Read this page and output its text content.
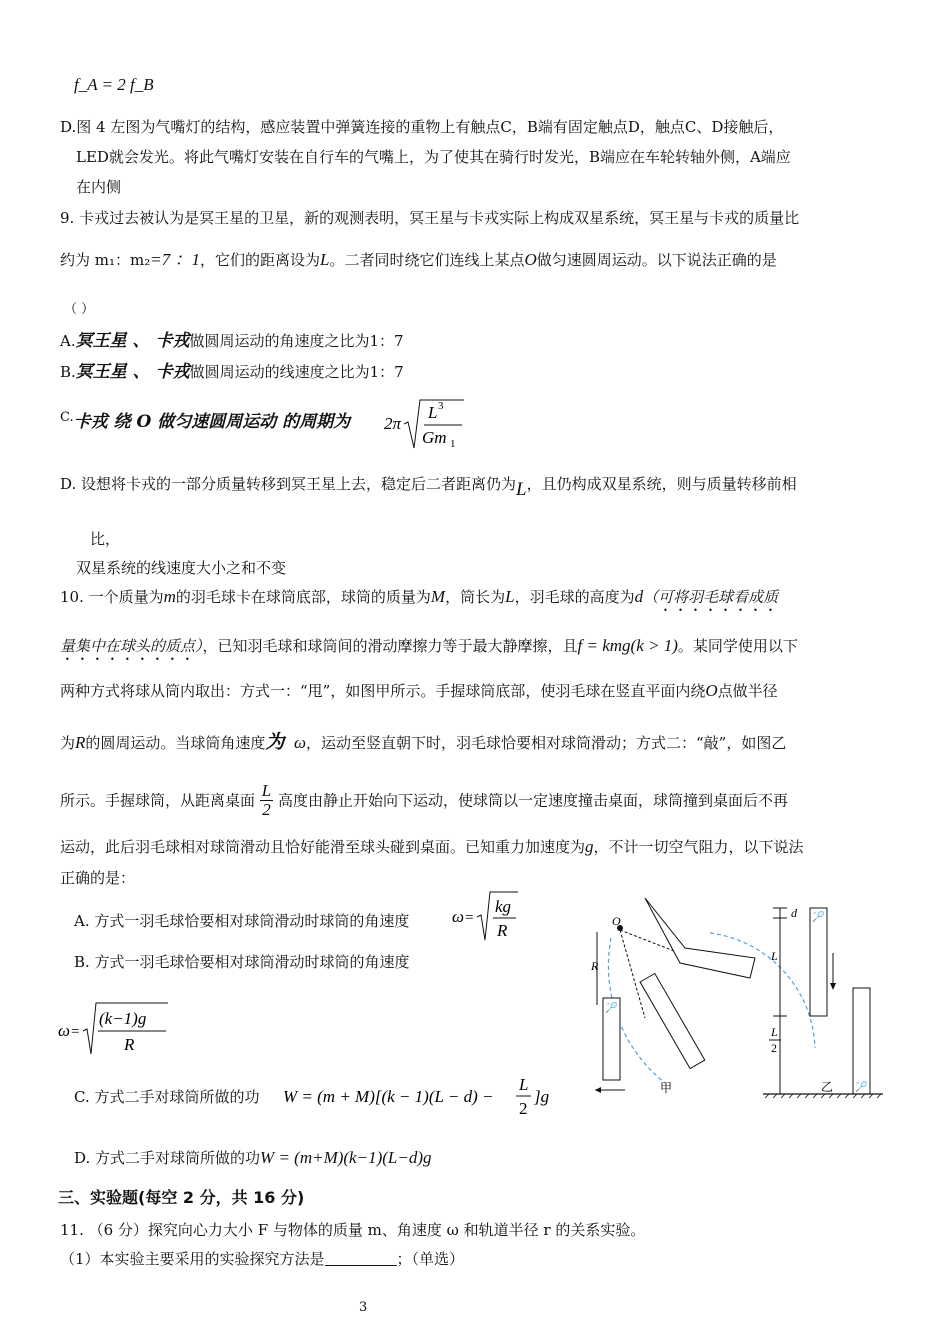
f_A = 2 f_B
D.图 4 左图为气嘴灯的结构，感应装置中弹簧连接的重物上有触点C，B端有固定触点D，触点C、D接触后，
LED就会发光。将此气嘴灯安装在自行车的气嘴上，为了使其在骑行时发光，B端应在车轮转轴外侧，A端应
在内侧
9. 卡戎过去被认为是冥王星的卫星，新的观测表明，冥王星与卡戎实际上构成双星系统，冥王星与卡戎的质量比
约为 m₁：m₂=7 ：1，它们的距离设为L。二者同时绕它们连线上某点O做匀速圆周运动。以下说法正确的是
（ ）
A.冥王星 、 卡戎做圆周运动的角速度之比为1：7
B.冥王星 、 卡戎做圆周运动的线速度之比为1：7
C.卡戎 绕 O 做匀速圆周运动 的周期为 2π
L 3
Gm 1
D. 设想将卡戎的一部分质量转移到冥王星上去，稳定后二者距离仍为L，且仍构成双星系统，则与质量转移前相
比，
双星系统的线速度大小之和不变
10. 一个质量为m的羽毛球卡在球筒底部，球筒的质量为M，筒长为L，羽毛球的高度为d（可将羽毛球看成质
量集中在球头的质点），已知羽毛球和球筒间的滑动摩擦力等于最大静摩擦，且f = kmg(k > 1)。某同学使用以下
两种方式将球从筒内取出：方式一：“甩”，如图甲所示。手握球筒底部，使羽毛球在竖直平面内绕O点做半径
为R的圆周运动。当球筒角速度为 ω，运动至竖直朝下时，羽毛球恰要相对球筒滑动；方式二：“敲”，如图乙
所示。手握球筒，从距离桌面 $\frac{L}{2}$ 高度由静止开始向下运动，使球筒以一定速度撞击桌面，球筒撞到桌面后不再
运动，此后羽毛球相对球筒滑动且恰好能滑至球头碰到桌面。已知重力加速度为g，不计一切空气阻力，以下说法
正确的是：
A. 方式一羽毛球恰要相对球筒滑动时球筒的角速度	ω =
kg
R
B. 方式一羽毛球恰要相对球筒滑动时球筒的角速度
ω =
(k−1)g
R
C. 方式二手对球筒所做的功 W = (m + M)[(k − 1)(L − d) −
L
2
]g
D. 方式二手对球筒所做的功W = (m+M)(k−1)(L−d)g
O
R
🏸
甲
d
L
L
2
🏸
🏸
乙
三、实验题(每空 2 分，共 16 分)
11. （6 分）探究向心力大小 F 与物体的质量 m、角速度 ω 和轨道半径 r 的关系实验。
（1）本实验主要采用的实验探究方法是	；（单选）
3
